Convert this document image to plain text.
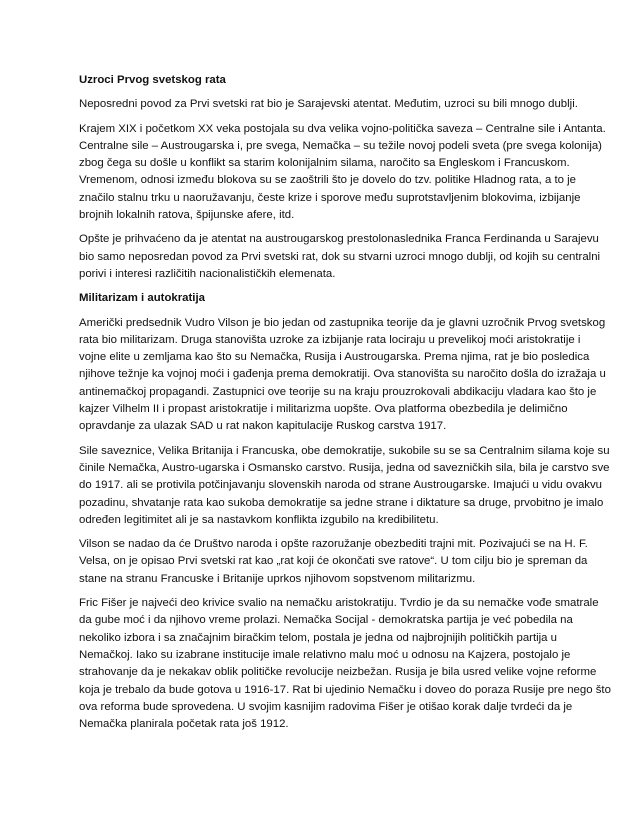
Uzroci Prvog svetskog rata
Neposredni povod za Prvi svetski rat bio je Sarajevski atentat. Međutim, uzroci su bili mnogo dublji.
Krajem XIX i početkom XX veka postojala su dva velika vojno-politička saveza – Centralne sile i Antanta.
Centralne sile – Austrougarska i, pre svega, Nemačka – su težile novoj podeli sveta (pre svega kolonija)
zbog čega su došle u konflikt sa starim kolonijalnim silama, naročito sa Engleskom i Francuskom.
Vremenom, odnosi između blokova su se zaoštrili što je dovelo do tzv. politike Hladnog rata, a to je
značilo stalnu trku u naoružavanju, česte krize i sporove među suprotstavljenim blokovima, izbijanje
brojnih lokalnih ratova, špijunske afere, itd.
Opšte je prihvaćeno da je atentat na austrougarskog prestolonaslednika Franca Ferdinanda u Sarajevu
bio samo neposredan povod za Prvi svetski rat, dok su stvarni uzroci mnogo dublji, od kojih su centralni
porivi i interesi različitih nacionalističkih elemenata.
Militarizam i autokratija
Američki predsednik Vudro Vilson je bio jedan od zastupnika teorije da je glavni uzročnik Prvog svetskog
rata bio militarizam. Druga stanovišta uzroke za izbijanje rata lociraju u prevelikoj moći aristokratije i
vojne elite u zemljama kao što su Nemačka, Rusija i Austrougarska. Prema njima, rat je bio posledica
njihove težnje ka vojnoj moći i gađenja prema demokratiji. Ova stanovišta su naročito došla do izražaja u
antinemačkoj propagandi. Zastupnici ove teorije su na kraju prouzrokovali abdikaciju vladara kao što je
kajzer Vilhelm II i propast aristokratije i militarizma uopšte. Ova platforma obezbedila je delimično
opravdanje za ulazak SAD u rat nakon kapitulacije Ruskog carstva 1917.
Sile saveznice, Velika Britanija i Francuska, obe demokratije, sukobile su se sa Centralnim silama koje su
činile Nemačka, Austro-ugarska i Osmansko carstvo. Rusija, jedna od savezničkih sila, bila je carstvo sve
do 1917. ali se protivila potčinjavanju slovenskih naroda od strane Austrougarske. Imajući u vidu ovakvu
pozadinu, shvatanje rata kao sukoba demokratije sa jedne strane i diktature sa druge, prvobitno je imalo
određen legitimitet ali je sa nastavkom konflikta izgubilo na kredibilitetu.
Vilson se nadao da će Društvo naroda i opšte razoružanje obezbediti trajni mit. Pozivajući se na H. F.
Velsa, on je opisao Prvi svetski rat kao „rat koji će okončati sve ratove“. U tom cilju bio je spreman da
stane na stranu Francuske i Britanije uprkos njihovom sopstvenom militarizmu.
Fric Fišer je najveći deo krivice svalio na nemačku aristokratiju. Tvrdio je da su nemačke vođe smatrale
da gube moć i da njihovo vreme prolazi. Nemačka Socijal - demokratska partija je već pobedila na
nekoliko izbora i sa značajnim biračkim telom, postala je jedna od najbrojnijih političkih partija u
Nemačkoj. Iako su izabrane institucije imale relativno malu moć u odnosu na Kajzera, postojalo je
strahovanje da je nekakav oblik političke revolucije neizbežan. Rusija je bila usred velike vojne reforme
koja je trebalo da bude gotova u 1916-17. Rat bi ujedinio Nemačku i doveo do poraza Rusije pre nego što
ova reforma bude sprovedena. U svojim kasnijim radovima Fišer je otišao korak dalje tvrdeći da je
Nemačka planirala početak rata još 1912.
